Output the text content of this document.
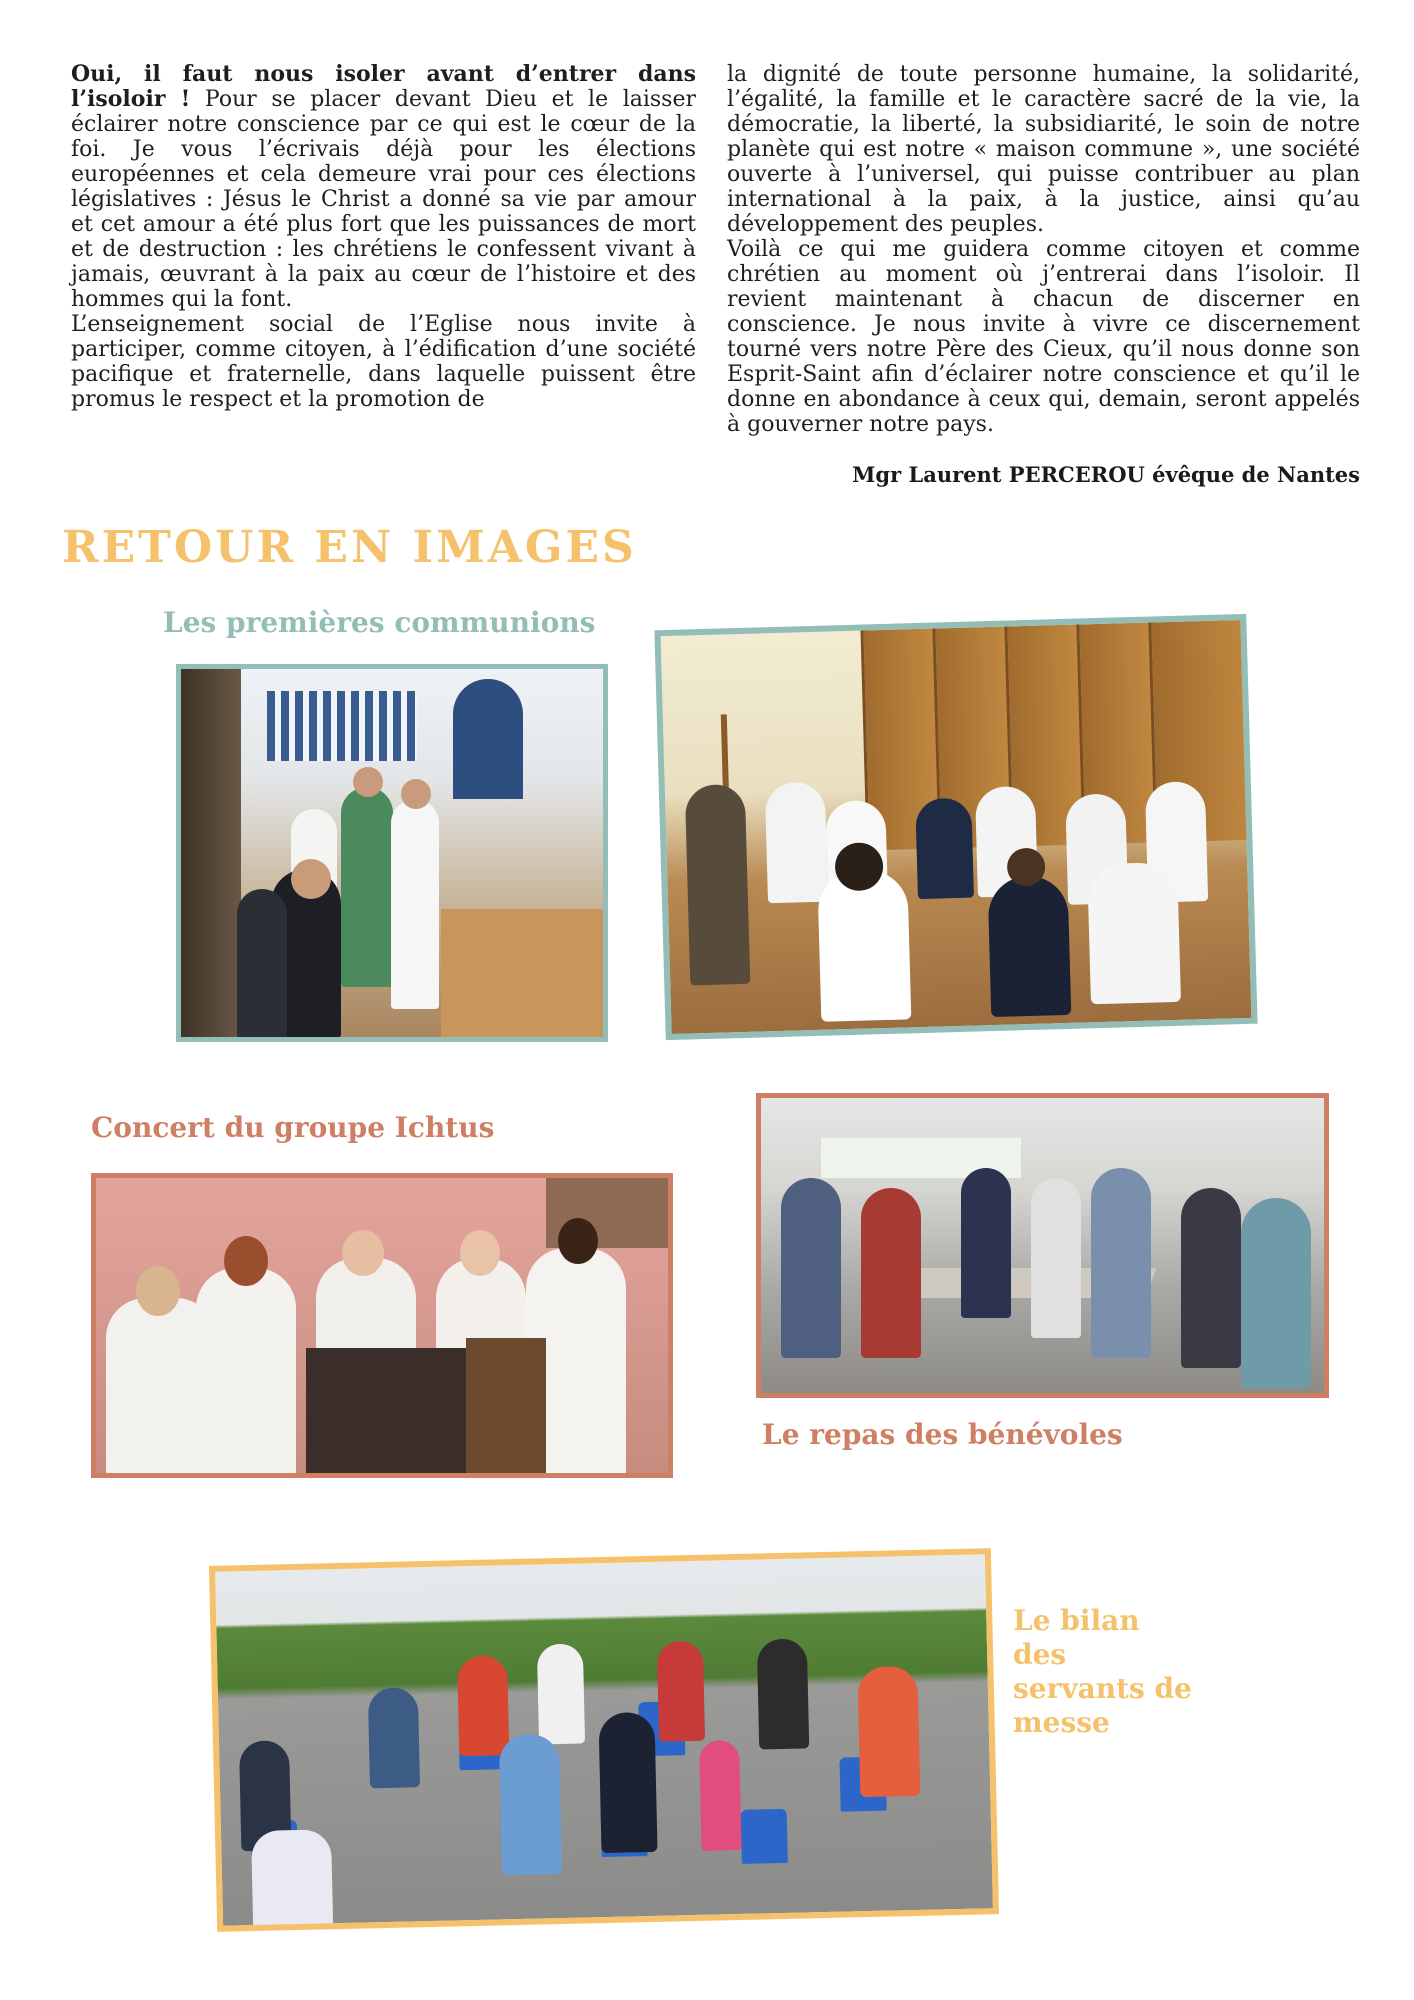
Oui, il faut nous isoler avant d’entrer dans l’isoloir ! Pour se placer devant Dieu et le laisser éclairer notre conscience par ce qui est le cœur de la foi. Je vous l’écrivais déjà pour les élections européennes et cela demeure vrai pour ces élections législatives : Jésus le Christ a donné sa vie par amour et cet amour a été plus fort que les puissances de mort et de destruction : les chrétiens le confessent vivant à jamais, œuvrant à la paix au cœur de l’histoire et des hommes qui la font.

L’enseignement social de l’Eglise nous invite à participer, comme citoyen, à l’édification d’une société pacifique et fraternelle, dans laquelle puissent être promus le respect et la promotion de

la dignité de toute personne humaine, la solidarité, l’égalité, la famille et le caractère sacré de la vie, la démocratie, la liberté, la subsidiarité, le soin de notre planète qui est notre « maison commune », une société ouverte à l’universel, qui puisse contribuer au plan international à la paix, à la justice, ainsi qu’au développement des peuples.

Voilà ce qui me guidera comme citoyen et comme chrétien au moment où j’entrerai dans l’isoloir. Il revient maintenant à chacun de discerner en conscience. Je nous invite à vivre ce discernement tourné vers notre Père des Cieux, qu’il nous donne son Esprit-Saint afin d’éclairer notre conscience et qu’il le donne en abondance à ceux qui, demain, seront appelés à gouverner notre pays.

Mgr Laurent PERCEROU évêque de Nantes
RETOUR EN IMAGES
Les premières communions
Concert du groupe Ichtus
Le repas des bénévoles
Le bilan
des
servants de
messe
